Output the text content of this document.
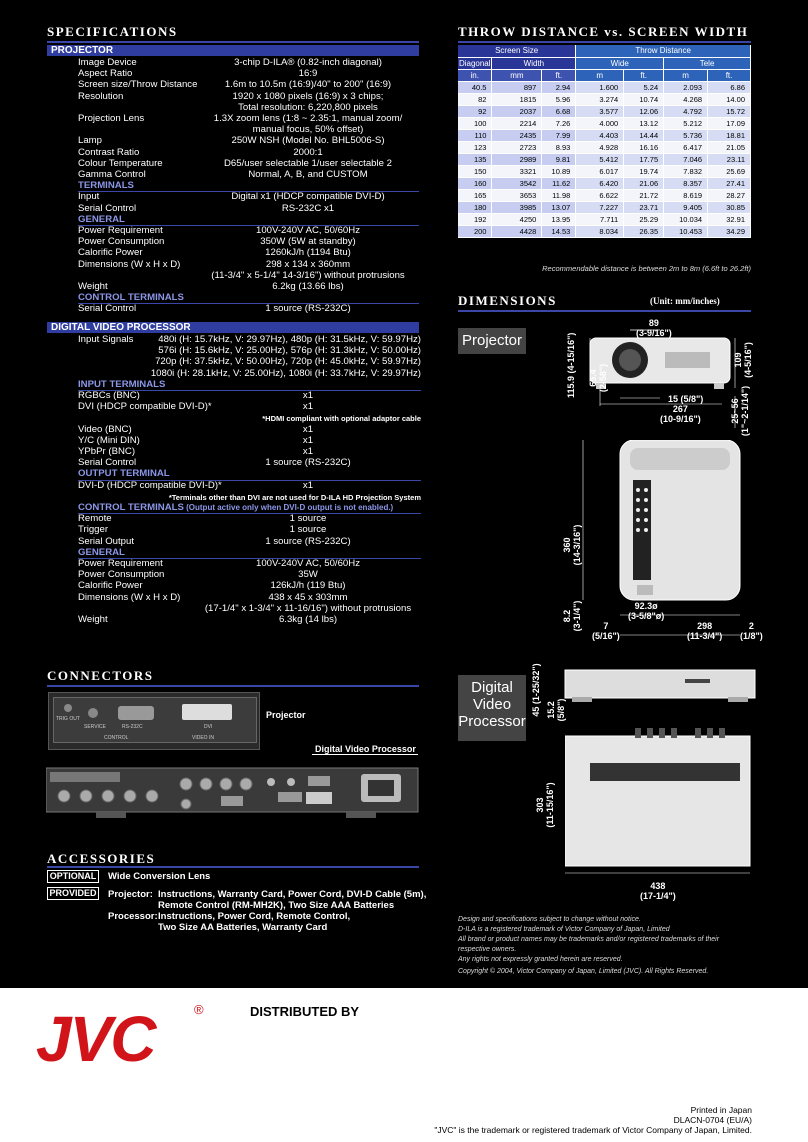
SPECIFICATIONS
PROJECTOR
Image Device	3-chip D-ILA® (0.82-inch diagonal)
Aspect Ratio	16:9
Screen size/Throw Distance	1.6m to 10.5m (16:9)/40" to 200" (16:9)
Resolution	1920 x 1080 pixels (16:9) x 3 chips;
Total resolution: 6,220,800 pixels
Projection Lens	1.3X zoom lens (1:8 ~ 2.35:1, manual zoom/
manual focus, 50% offset)
Lamp	250W NSH (Model No. BHL5006-S)
Contrast Ratio	2000:1
Colour Temperature	D65/user selectable 1/user selectable 2
Gamma Control	Normal, A, B, and CUSTOM
TERMINALS
Input	Digital x1 (HDCP compatible DVI-D)
Serial Control	RS-232C x1
GENERAL
Power Requirement	100V-240V AC, 50/60Hz
Power Consumption	350W (5W at standby)
Calorific Power	1260kJ/h (1194 Btu)
Dimensions (W x H x D)	298 x 134 x 360mm
(11-3/4" x 5-1/4" 14-3/16") without protrusions
Weight	6.2kg (13.66 lbs)
CONTROL TERMINALS
Serial Control	1 source (RS-232C)
DIGITAL VIDEO PROCESSOR
Input Signals	480i (H: 15.7kHz, V: 29.97Hz), 480p (H: 31.5kHz, V: 59.97Hz)
576i (H: 15.6kHz, V: 25.00Hz), 576p (H: 31.3kHz, V: 50.00Hz)
720p (H: 37.5kHz, V: 50.00Hz), 720p (H: 45.0kHz, V: 59.97Hz)
1080i (H: 28.1kHz, V: 25.00Hz), 1080i (H: 33.7kHz, V: 29.97Hz)
INPUT TERMINALS
RGBCs (BNC)	x1
DVI (HDCP compatible DVI-D)*	x1
*HDMI compliant with optional adaptor cable
Video (BNC)	x1
Y/C (Mini DIN)	x1
YPbPr (BNC)	x1
Serial Control	1 source (RS-232C)
OUTPUT TERMINAL
DVI-D (HDCP compatible DVI-D)*	x1
*Terminals other than DVI are not used for D-ILA HD Projection System
CONTROL TERMINALS (Output active only when DVI-D output is not enabled.)
Remote	1 source
Trigger	1 source
Serial Output	1 source (RS-232C)
GENERAL
Power Requirement	100V-240V AC, 50/60Hz
Power Consumption	35W
Calorific Power	126kJ/h (119 Btu)
Dimensions (W x H x D)	438 x 45 x 303mm
(17-1/4" x 1-3/4" x 11-16/16") without protrusions
Weight	6.3kg (14 lbs)
THROW DISTANCE vs. SCREEN WIDTH
Screen Size			Throw Distance			
Diagonal	Width		Wide		Tele	
in.	mm	ft.	m	ft.	m	ft.
40.5	897	2.94	1.600	5.24	2.093	6.86
82	1815	5.96	3.274	10.74	4.268	14.00
92	2037	6.68	3.577	12.06	4.792	15.72
100	2214	7.26	4.000	13.12	5.212	17.09
110	2435	7.99	4.403	14.44	5.736	18.81
123	2723	8.93	4.928	16.16	6.417	21.05
135	2989	9.81	5.412	17.75	7.046	23.11
150	3321	10.89	6.017	19.74	7.832	25.69
160	3542	11.62	6.420	21.06	8.357	27.41
165	3653	11.98	6.622	21.72	8.619	28.27
180	3985	13.07	7.227	23.71	9.405	30.85
192	4250	13.95	7.711	25.29	10.034	32.91
200	4428	14.53	8.034	26.35	10.453	34.29
Recommendable distance is between 2m to 8m (6.6ft to 26.2ft)
DIMENSIONS	(Unit: mm/inches)
Projector
Digital
Video
Processor
89
(3-9/16")
115.9 (4-15/16")
65.4 (2-58")
15 (5/8")
267
(10-9/16")
109 (4-5/16")
25~56 (1"~2-1/14")
360 (14-3/16")
8.2 (3-1/4")	92.3ø
(3-5/8"ø)
7
(5/16")
298
(11-3/4")
2
(1/8")
45 (1-25/32") 15.2 (5/8")
303 (11-15/16")
438
(17-1/4")
CONNECTORS
TRIG OUT
SERVICE	RS-232C	DVI
CONTROL	VIDEO IN
Projector
Digital Video Processor
ACCESSORIES
OPTIONAL Wide Conversion Lens
PROVIDED Projector: Instructions, Warranty Card, Power Cord, DVI-D Cable (5m),
Remote Control (RM-MH2K), Two Size AAA Batteries
Processor: Instructions, Power Cord, Remote Control,
Two Size AA Batteries, Warranty Card
Design and specifications subject to change without notice.
D-ILA is a registered trademark of Victor Company of Japan, Limited
All brand or product names may be trademarks and/or registered trademarks of their
respective owners.
Any rights not expressly granted herein are reserved.
Copyright © 2004, Victor Company of Japan, Limited (JVC). All Rights Reserved.
JVC	®	DISTRIBUTED BY
Printed in Japan
DLACN-0704 (EU/A)
"JVC" is the trademark or registered trademark of Victor Company of Japan, Limited.
